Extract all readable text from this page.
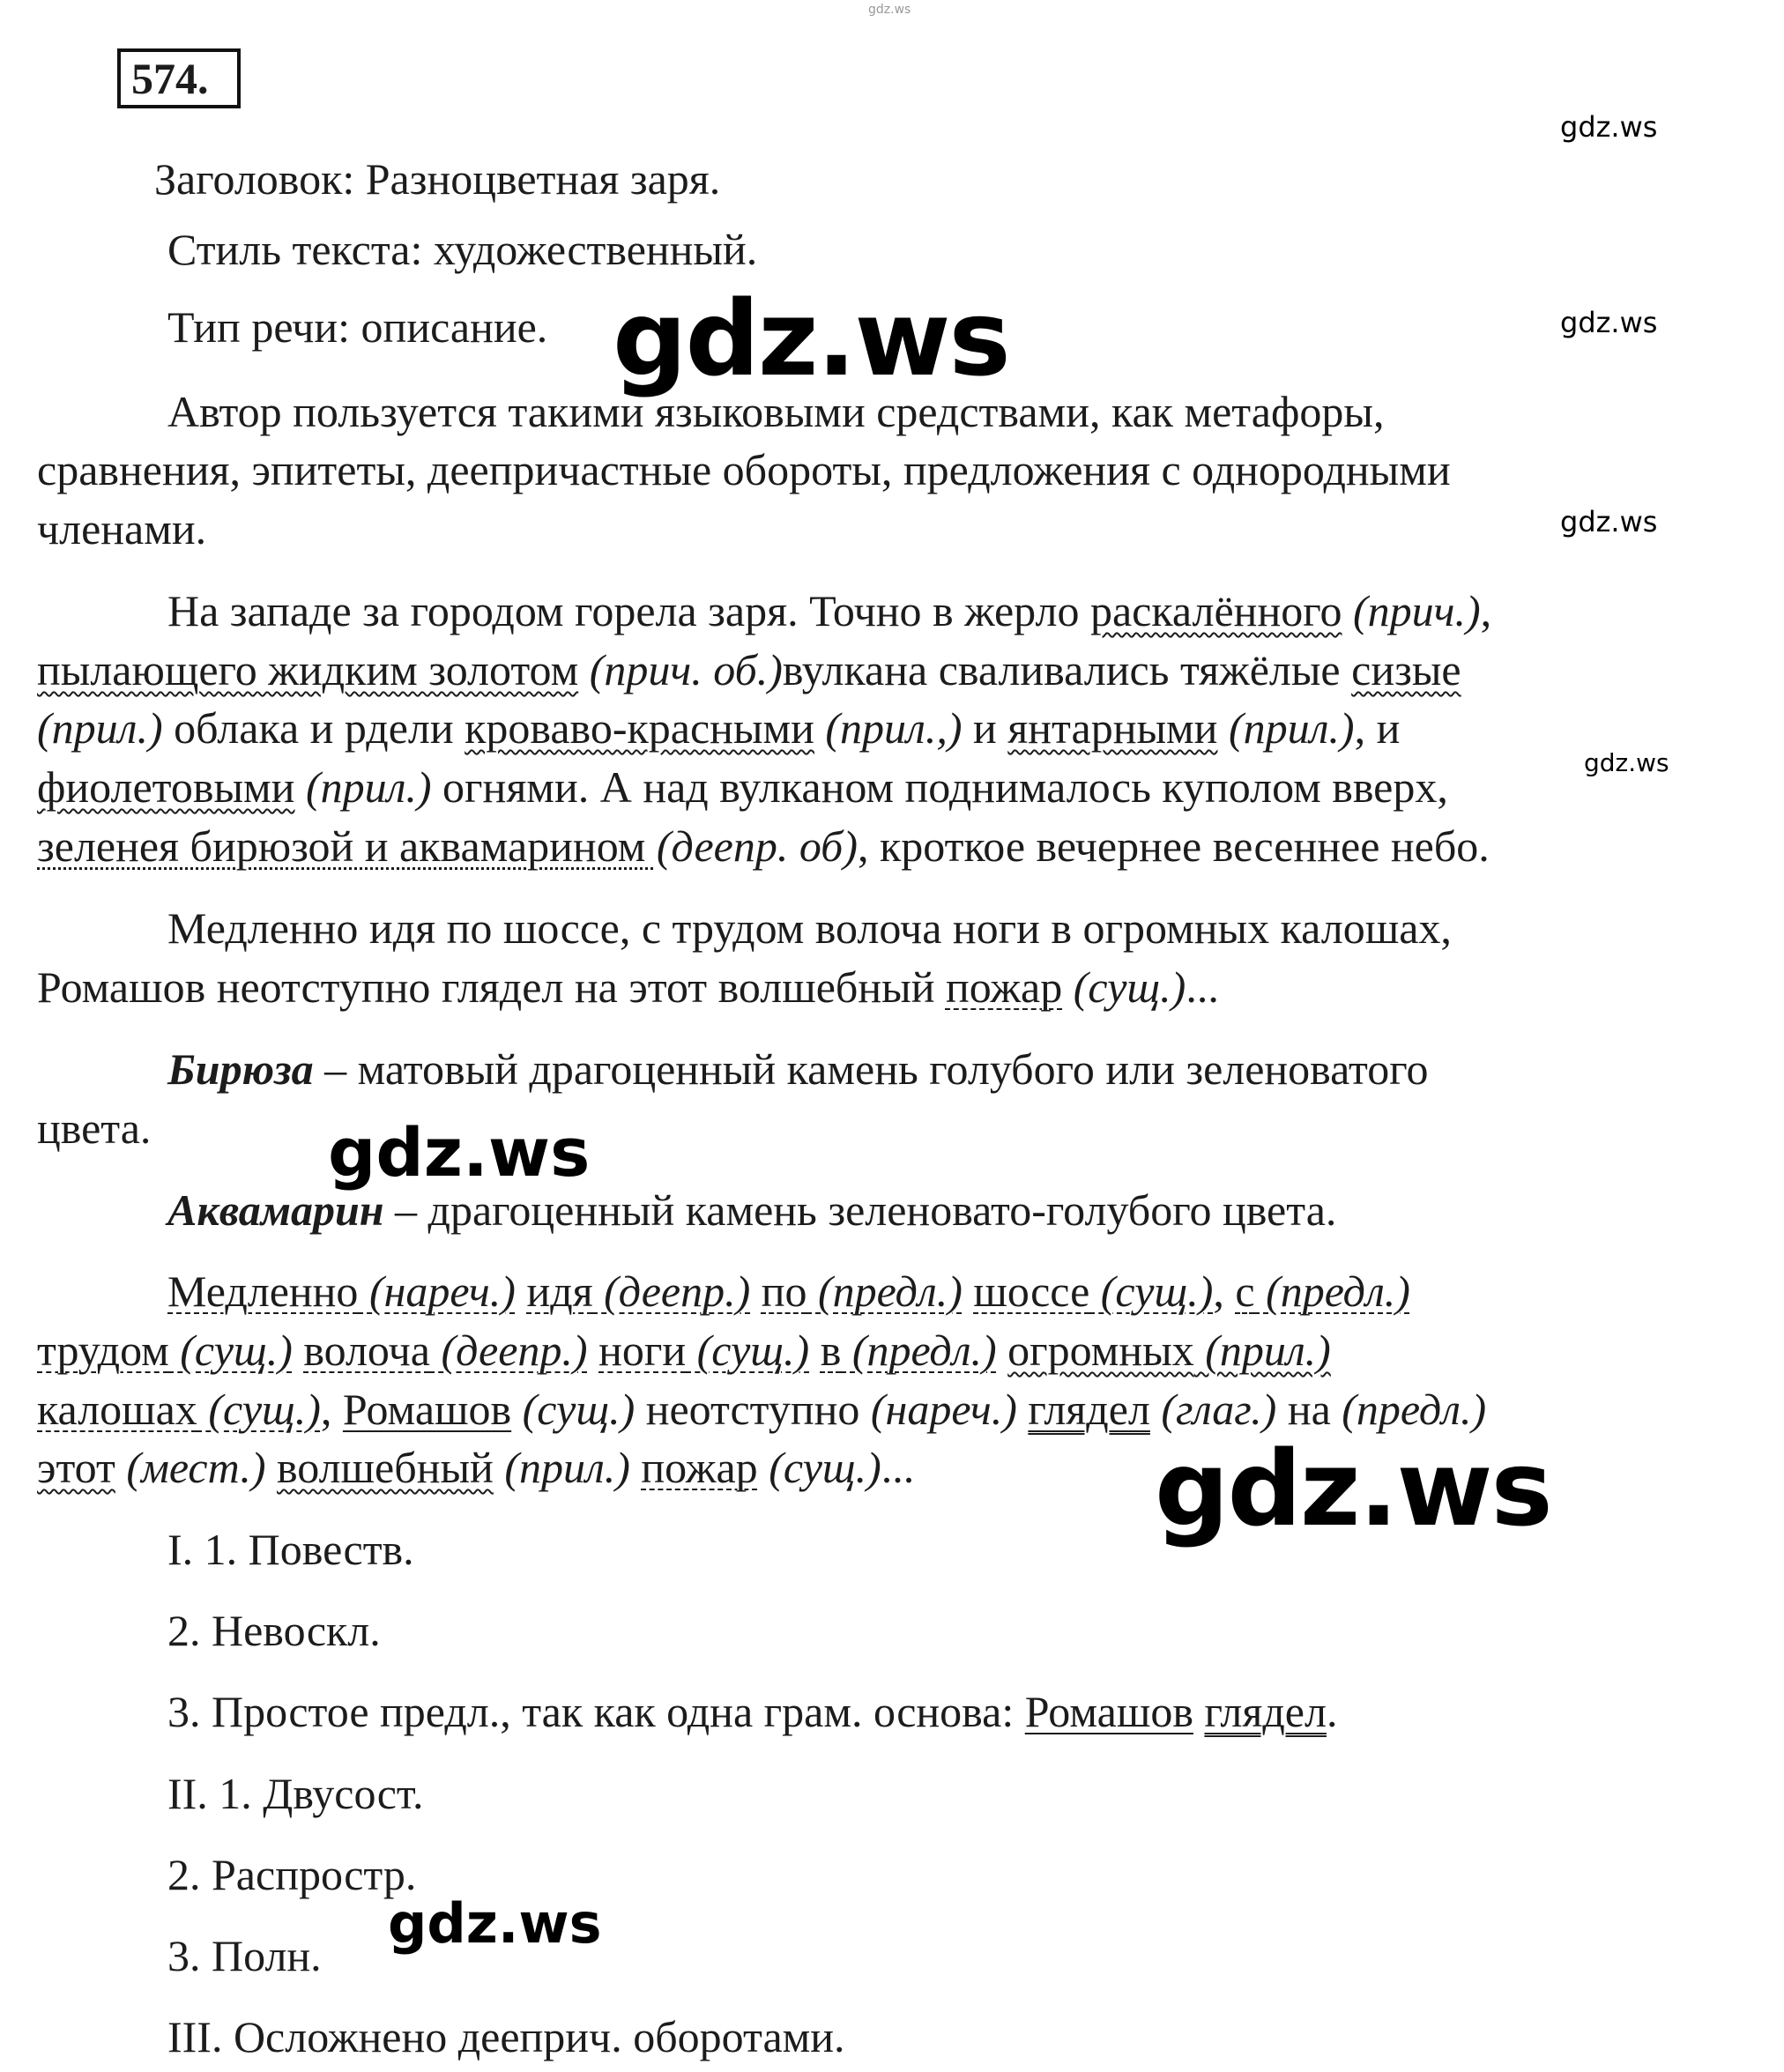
574.
Заголовок: Разноцветная заря.
Стиль текста: художественный.
Тип речи: описание.
Автор пользуется такими языковыми средствами, как метафоры,
сравнения, эпитеты, деепричастные обороты, предложения с однородными
членами.
На западе за городом горела заря. Точно в жерло раскалённого (прич.),
пылающего жидким золотом (прич. об.)вулкана сваливались тяжёлые сизые
(прил.) облака и рдели кроваво-красными (прил.,) и янтарными (прил.), и
фиолетовыми (прил.) огнями. А над вулканом поднималось куполом вверх,
зеленея бирюзой и аквамарином (деепр. об), кроткое вечернее весеннее небо.
Медленно идя по шоссе, с трудом волоча ноги в огромных калошах,
Ромашов неотступно глядел на этот волшебный пожар (сущ.)...
Бирюза – матовый драгоценный камень голубого или зеленоватого
цвета.
Аквамарин – драгоценный камень зеленовато-голубого цвета.
Медленно (нареч.) идя (деепр.) по (предл.) шоссе (сущ.), с (предл.)
трудом (сущ.) волоча (деепр.) ноги (сущ.) в (предл.) огромных (прил.)
калошах (сущ.), Ромашов (сущ.) неотступно (нареч.) глядел (глаг.) на (предл.)
этот (мест.) волшебный (прил.) пожар (сущ.)...
I. 1. Повеств.
2. Невоскл.
3. Простое предл., так как одна грам. основа: Ромашов глядел.
II. 1. Двусост.
2. Распростр.
3. Полн.
III. Осложнено дееприч. оборотами.
gdz.ws
gdz.ws
gdz.ws	gdz.ws
gdz.ws
gdz.ws
gdz.ws
gdz.ws
gdz.ws
